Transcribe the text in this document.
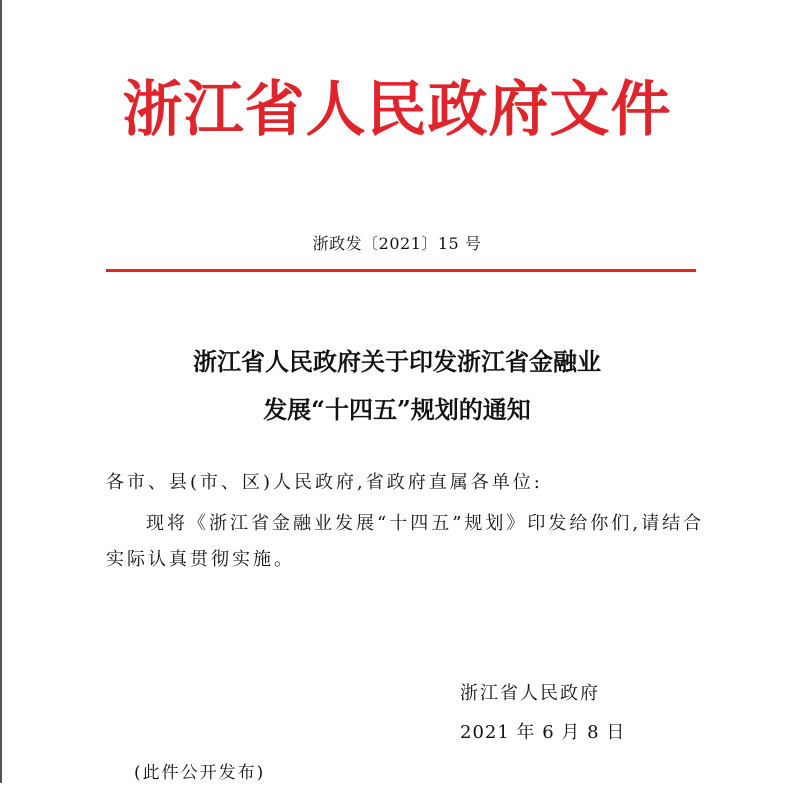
浙江省人民政府文件
浙政发〔2021〕15 号
浙江省人民政府关于印发浙江省金融业
发展“十四五”规划的通知
各市、县(市、区)人民政府,省政府直属各单位:
现将《浙江省金融业发展“十四五”规划》印发给你们,请结合
实际认真贯彻实施。
浙江省人民政府
2021 年 6 月 8 日
(此件公开发布)
